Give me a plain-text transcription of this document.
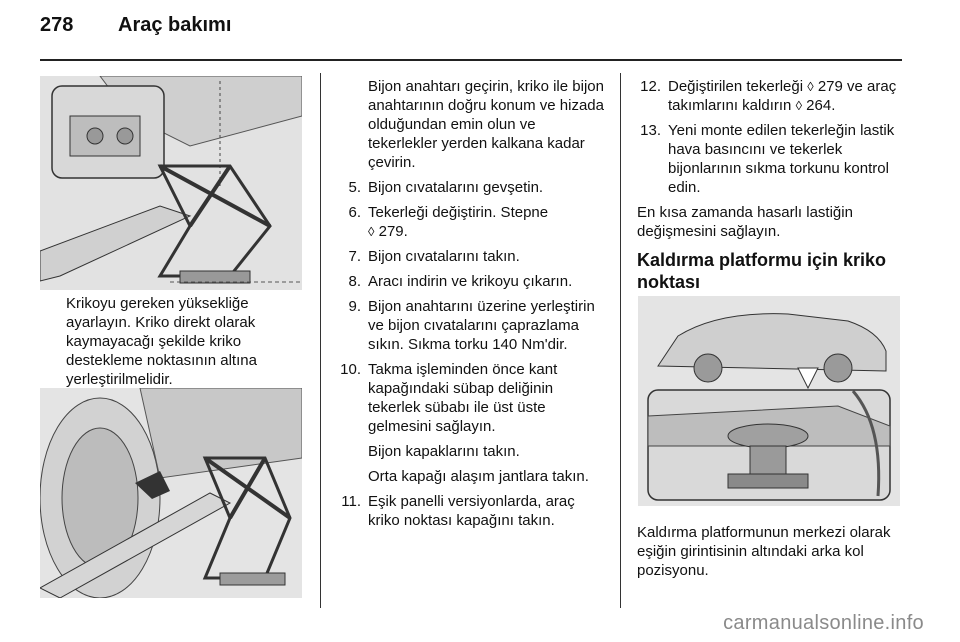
278 Araç bakımı
Krikoyu gereken yüksekliğe ayarlayın. Kriko direkt olarak kaymayacağı şekilde kriko destekleme noktasının altına yerleştirilmelidir.

Bijon anahtarı geçirin, kriko ile bijon anahtarının doğru konum ve hizada olduğundan emin olun ve tekerlekler yerden kalkana kadar çevirin.

5. Bijon cıvatalarını gevşetin.
6. Tekerleği değiştirin. Stepne
◊ 279.
7. Bijon cıvatalarını takın.
8. Aracı indirin ve krikoyu çıkarın.
9. Bijon anahtarını üzerine yerleştirin ve bijon cıvatalarını çaprazlama sıkın. Sıkma torku 140 Nm'dir.
10. Takma işleminden önce kant kapağındaki sübap deliğinin tekerlek sübabı ile üst üste gelmesini sağlayın.
Bijon kapaklarını takın.
Orta kapağı alaşım jantlara takın.
11. Eşik panelli versiyonlarda, araç kriko noktası kapağını takın.
12. Değiştirilen tekerleği ◊ 279 ve araç takımlarını kaldırın ◊ 264.
13. Yeni monte edilen tekerleğin lastik hava basıncını ve tekerlek bijonlarının sıkma torkunu kontrol edin.

En kısa zamanda hasarlı lastiğin değişmesini sağlayın.

Kaldırma platformu için kriko noktası
Kaldırma platformunun merkezi olarak eşiğin girintisinin altındaki arka kol pozisyonu.
carmanualsonline.info
